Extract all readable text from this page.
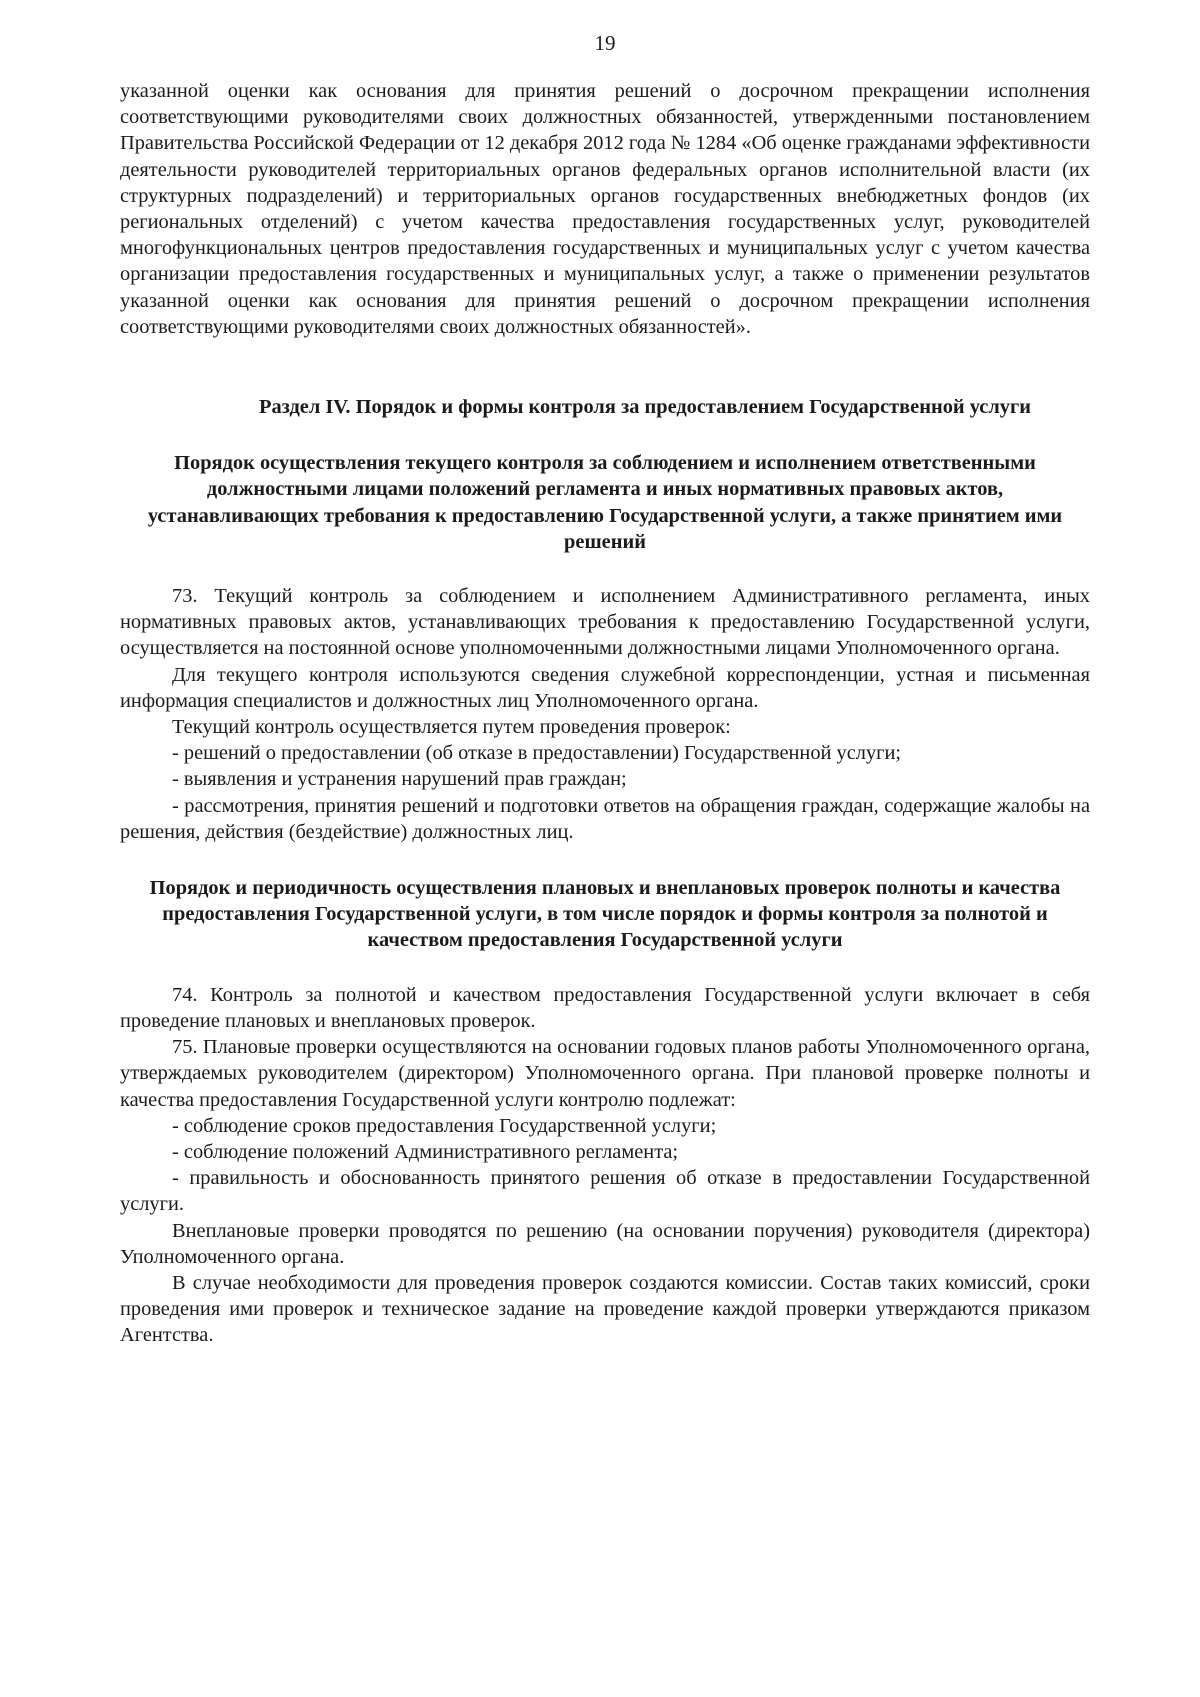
19

указанной оценки как основания для принятия решений о досрочном прекращении исполнения соответствующими руководителями своих должностных обязанностей, утвержденными постановлением Правительства Российской Федерации от 12 декабря 2012 года № 1284 «Об оценке гражданами эффективности деятельности руководителей территориальных органов федеральных органов исполнительной власти (их структурных подразделений) и территориальных органов государственных внебюджетных фондов (их региональных отделений) с учетом качества предоставления государственных услуг, руководителей многофункциональных центров предоставления государственных и муниципальных услуг с учетом качества организации предоставления государственных и муниципальных услуг, а также о применении результатов указанной оценки как основания для принятия решений о досрочном прекращении исполнения соответствующими руководителями своих должностных обязанностей».

Раздел IV. Порядок и формы контроля за предоставлением Государственной услуги
Порядок осуществления текущего контроля за соблюдением и исполнением ответственными должностными лицами положений регламента и иных нормативных правовых актов, устанавливающих требования к предоставлению Государственной услуги, а также принятием ими решений

73. Текущий контроль за соблюдением и исполнением Административного регламента, иных нормативных правовых актов, устанавливающих требования к предоставлению Государственной услуги, осуществляется на постоянной основе уполномоченными должностными лицами Уполномоченного органа.

Для текущего контроля используются сведения служебной корреспонденции, устная и письменная информация специалистов и должностных лиц Уполномоченного органа.

Текущий контроль осуществляется путем проведения проверок:

- решений о предоставлении (об отказе в предоставлении) Государственной услуги;

- выявления и устранения нарушений прав граждан;

- рассмотрения, принятия решений и подготовки ответов на обращения граждан, содержащие жалобы на решения, действия (бездействие) должностных лиц.

Порядок и периодичность осуществления плановых и внеплановых проверок полноты и качества предоставления Государственной услуги, в том числе порядок и формы контроля за полнотой и качеством предоставления Государственной услуги

74. Контроль за полнотой и качеством предоставления Государственной услуги включает в себя проведение плановых и внеплановых проверок.

75. Плановые проверки осуществляются на основании годовых планов работы Уполномоченного органа, утверждаемых руководителем (директором) Уполномоченного органа. При плановой проверке полноты и качества предоставления Государственной услуги контролю подлежат:

- соблюдение сроков предоставления Государственной услуги;

- соблюдение положений Административного регламента;

- правильность и обоснованность принятого решения об отказе в предоставлении Государственной услуги.

Внеплановые проверки проводятся по решению (на основании поручения) руководителя (директора) Уполномоченного органа.

В случае необходимости для проведения проверок создаются комиссии. Состав таких комиссий, сроки проведения ими проверок и техническое задание на проведение каждой проверки утверждаются приказом Агентства.
